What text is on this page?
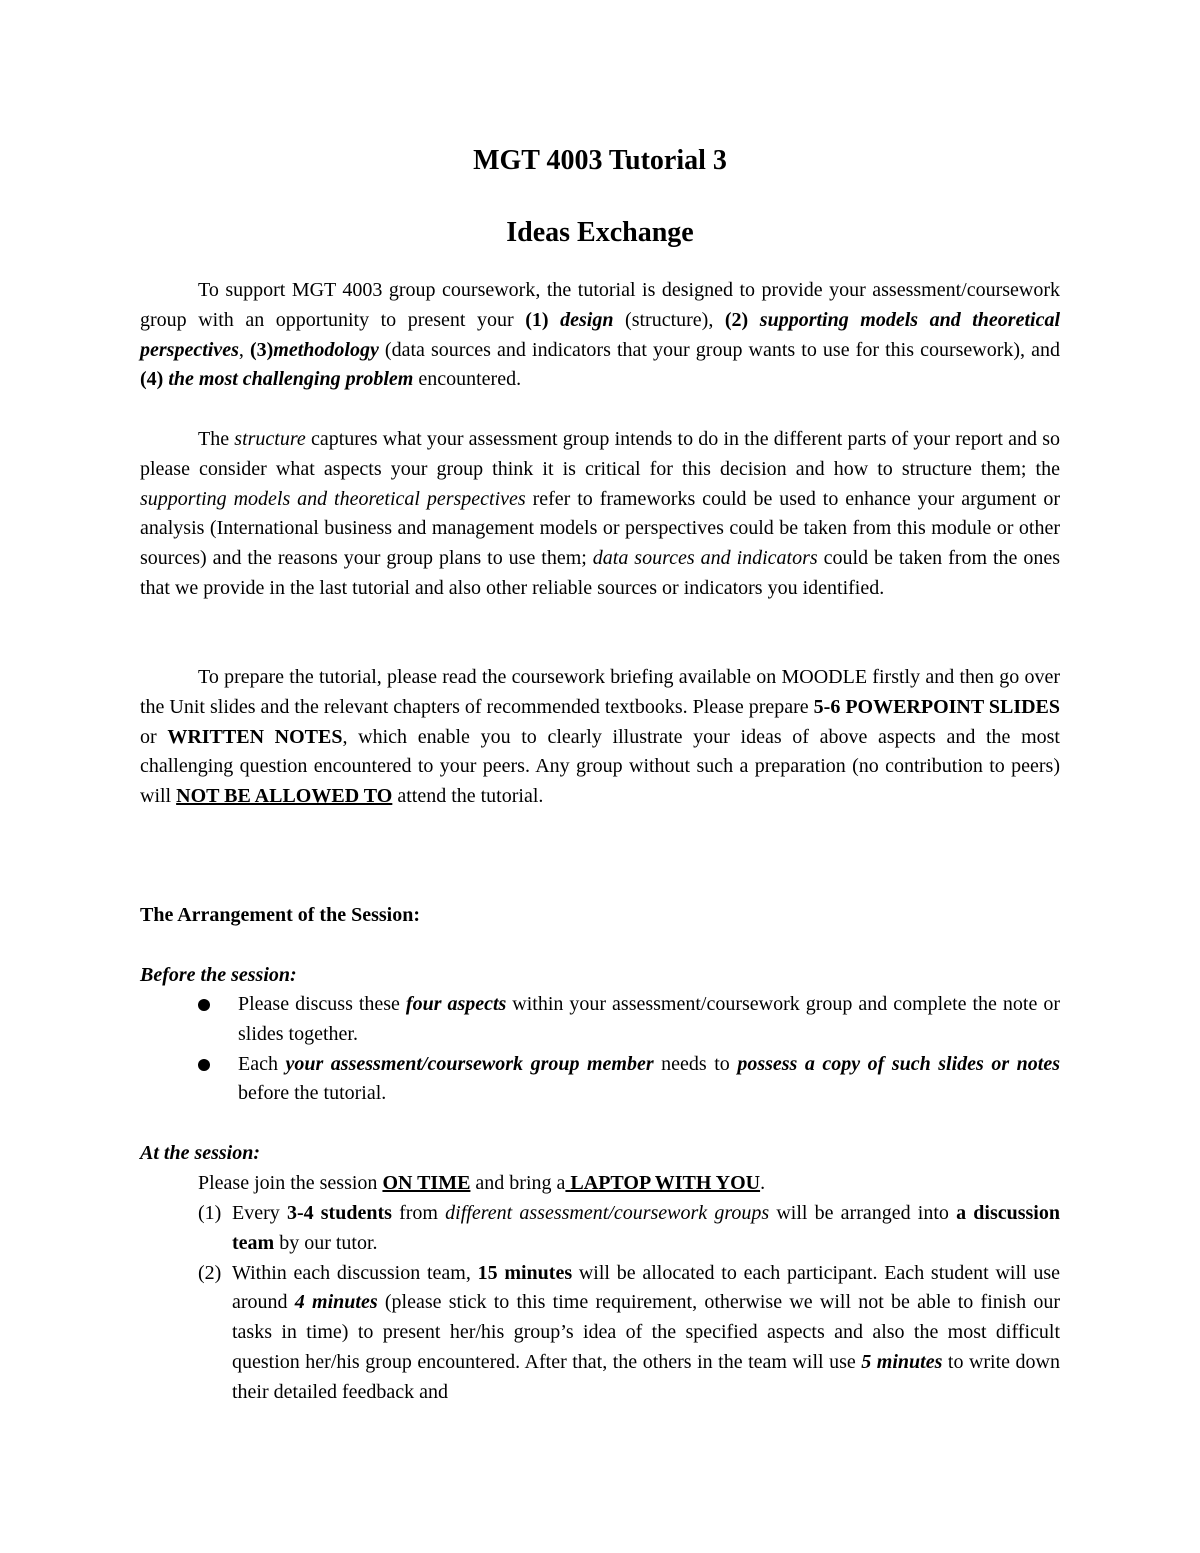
MGT 4003 Tutorial 3
Ideas Exchange

To support MGT 4003 group coursework, the tutorial is designed to provide your assessment/coursework group with an opportunity to present your (1) design (structure), (2) supporting models and theoretical perspectives, (3)methodology (data sources and indicators that your group wants to use for this coursework), and (4) the most challenging problem encountered.

The structure captures what your assessment group intends to do in the different parts of your report and so please consider what aspects your group think it is critical for this decision and how to structure them; the supporting models and theoretical perspectives refer to frameworks could be used to enhance your argument or analysis (International business and management models or perspectives could be taken from this module or other sources) and the reasons your group plans to use them; data sources and indicators could be taken from the ones that we provide in the last tutorial and also other reliable sources or indicators you identified.

To prepare the tutorial, please read the coursework briefing available on MOODLE firstly and then go over the Unit slides and the relevant chapters of recommended textbooks. Please prepare 5-6 POWERPOINT SLIDES or WRITTEN NOTES, which enable you to clearly illustrate your ideas of above aspects and the most challenging question encountered to your peers. Any group without such a preparation (no contribution to peers) will NOT BE ALLOWED TO attend the tutorial.

The Arrangement of the Session:

Before the session:

Please discuss these four aspects within your assessment/coursework group and complete the note or slides together.
Each your assessment/coursework group member needs to possess a copy of such slides or notes before the tutorial.

At the session:

Please join the session ON TIME and bring a LAPTOP WITH YOU.

(1) Every 3-4 students from different assessment/coursework groups will be arranged into a discussion team by our tutor.
(2) Within each discussion team, 15 minutes will be allocated to each participant. Each student will use around 4 minutes (please stick to this time requirement, otherwise we will not be able to finish our tasks in time) to present her/his group’s idea of the specified aspects and also the most difficult question her/his group encountered. After that, the others in the team will use 5 minutes to write down their detailed feedback and
